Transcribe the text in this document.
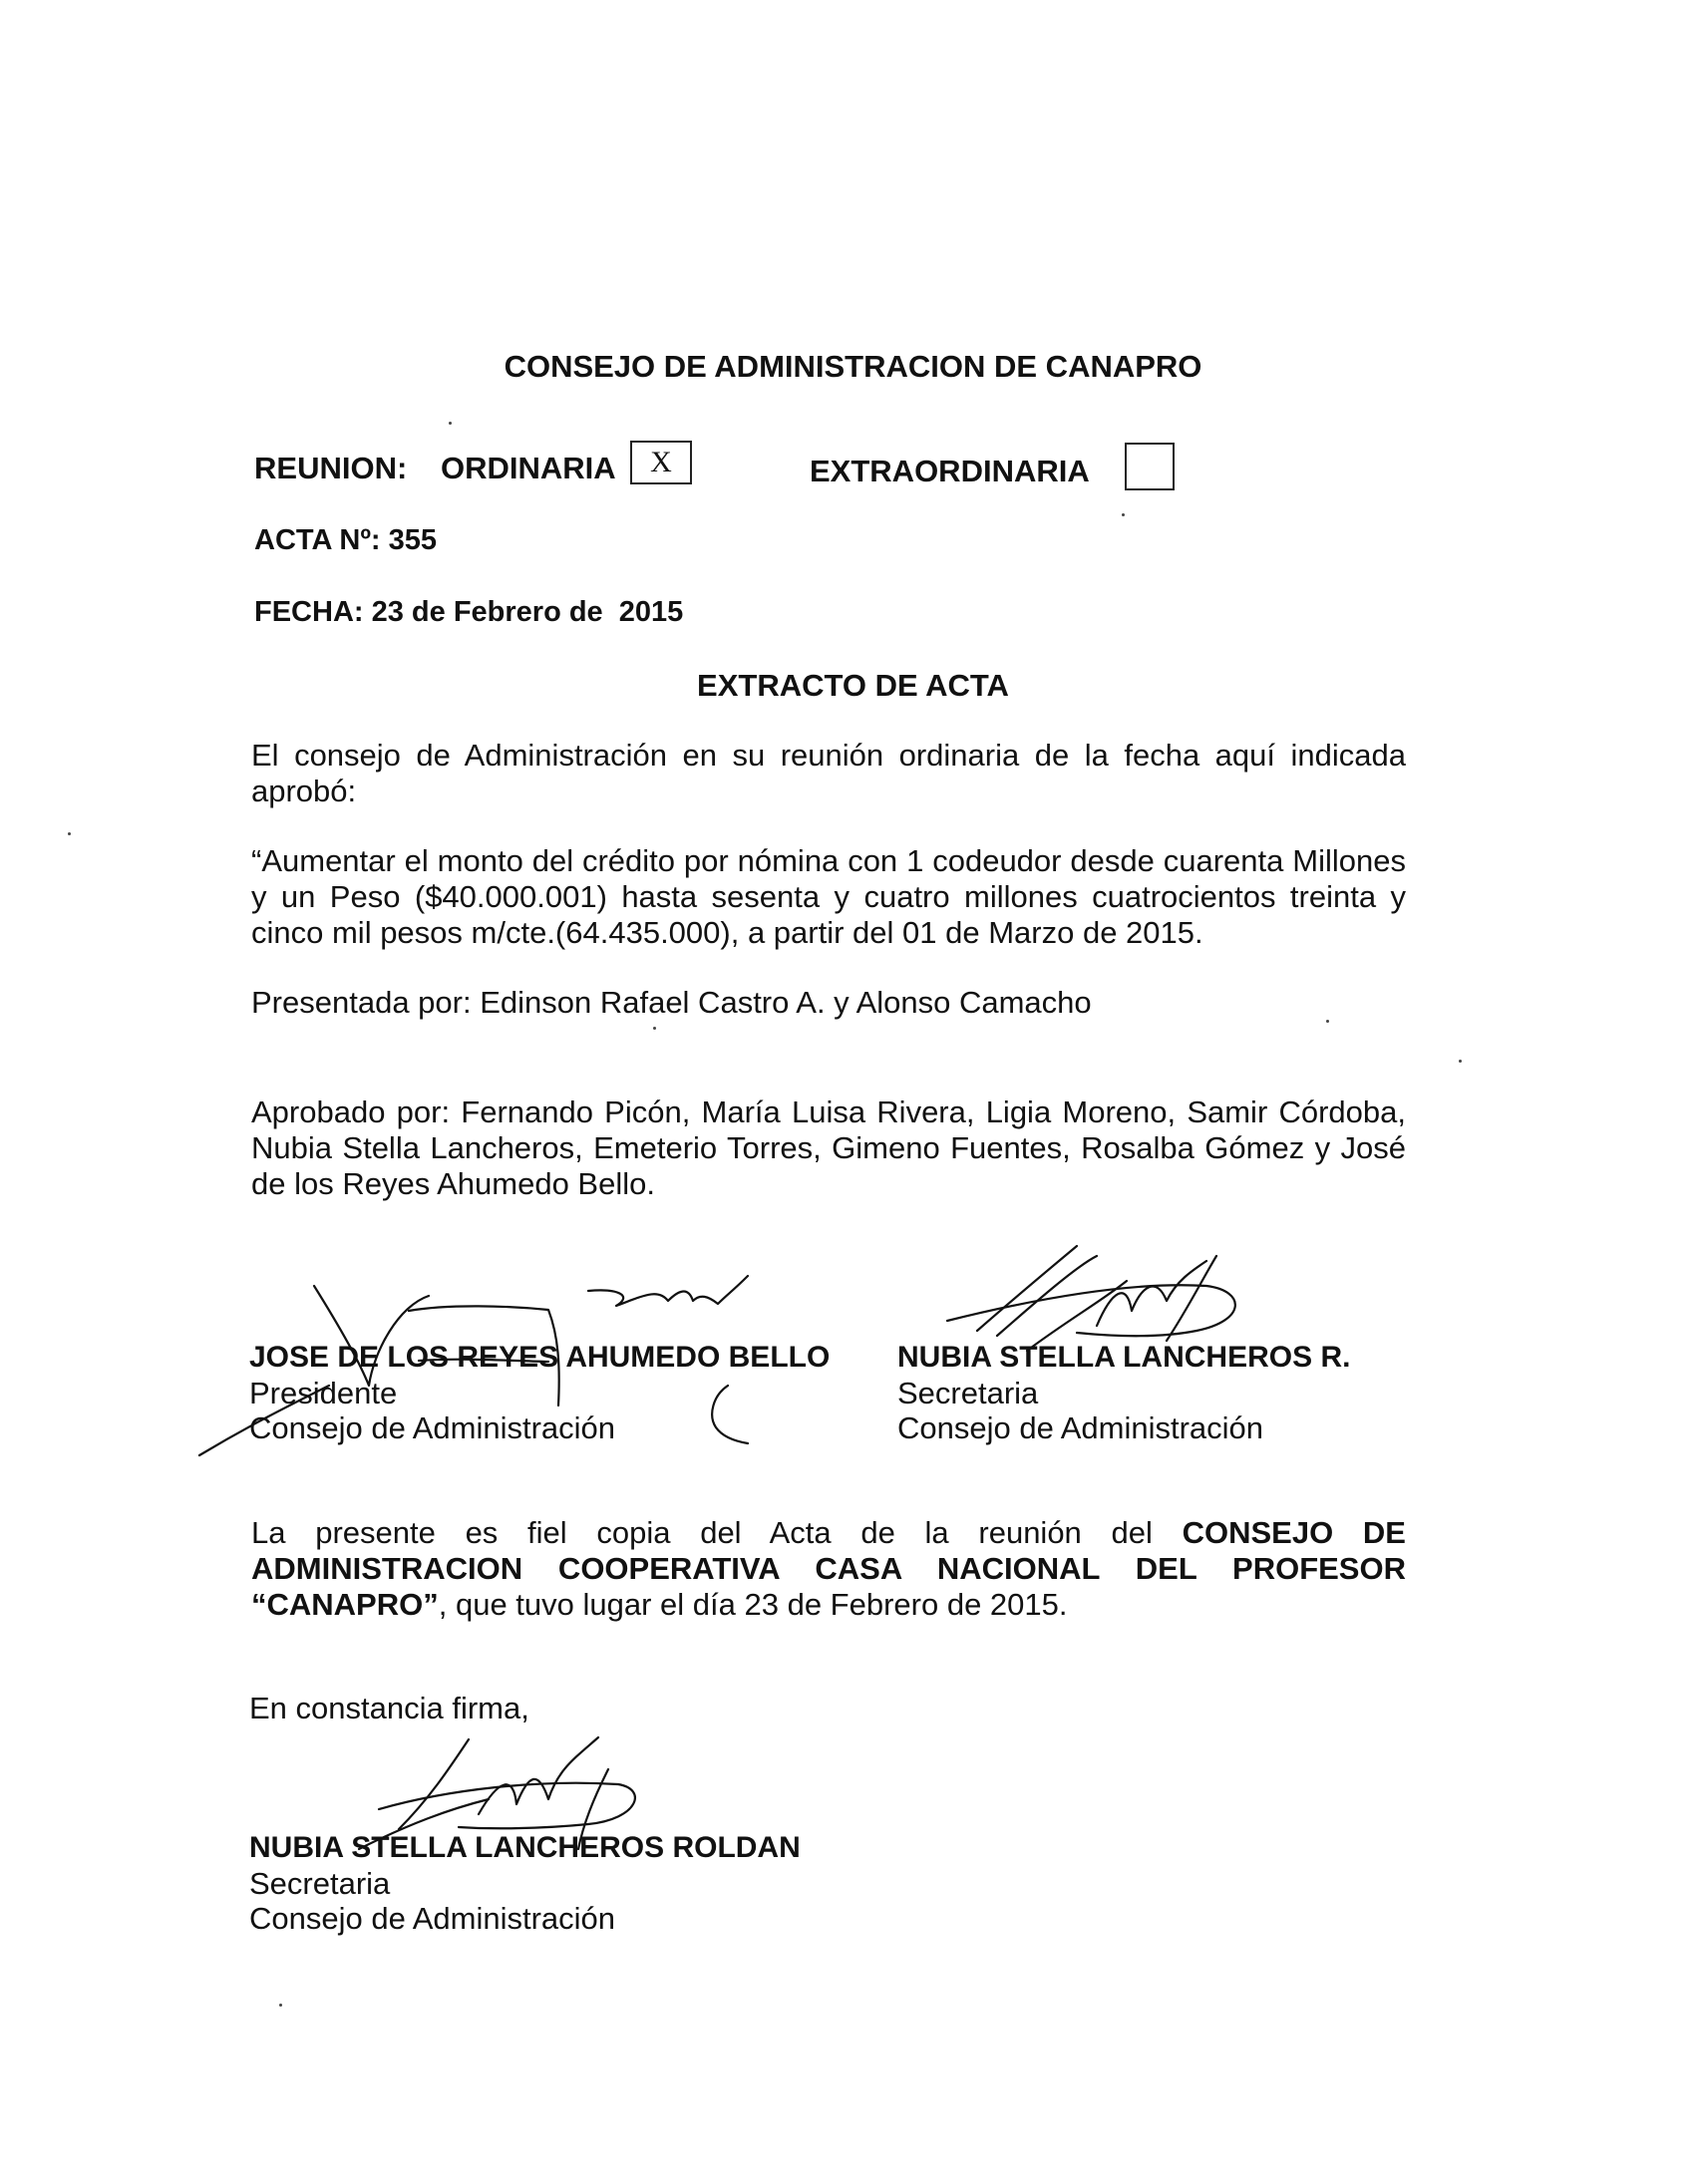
CONSEJO DE ADMINISTRACION DE CANAPRO
REUNION: ORDINARIA	X	EXTRAORDINARIA
ACTA Nº: 355
FECHA: 23 de Febrero de  2015
EXTRACTO DE ACTA
El consejo de Administración en su reunión ordinaria de la fecha aquí indicada aprobó:
“Aumentar el monto del crédito por nómina con 1 codeudor desde cuarenta Millones y un Peso ($40.000.001) hasta sesenta y cuatro millones cuatrocientos treinta y cinco mil pesos m/cte.(64.435.000), a partir del 01 de Marzo de 2015.
Presentada por: Edinson Rafael Castro A. y Alonso Camacho
Aprobado por: Fernando Picón, María Luisa Rivera, Ligia Moreno, Samir Córdoba, Nubia Stella Lancheros, Emeterio Torres, Gimeno Fuentes, Rosalba Gómez y José de los Reyes Ahumedo Bello.
JOSE DE LOS REYES AHUMEDO BELLO
Presidente
Consejo de Administración
NUBIA STELLA LANCHEROS R.
Secretaria
Consejo de Administración
La presente es fiel copia del Acta de la reunión del CONSEJO DE ADMINISTRACION COOPERATIVA CASA NACIONAL DEL PROFESOR “CANAPRO”, que tuvo lugar el día 23 de Febrero de 2015.
En constancia firma,
NUBIA STELLA LANCHEROS ROLDAN
Secretaria
Consejo de Administración
